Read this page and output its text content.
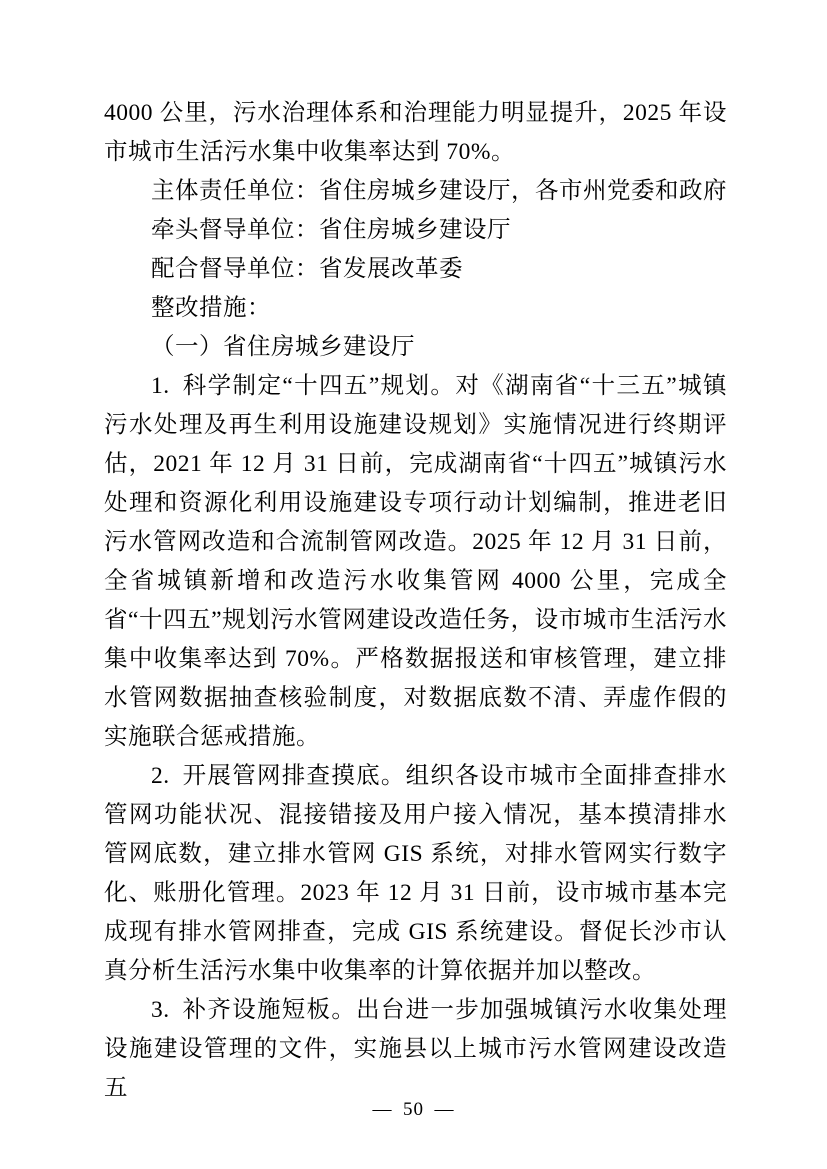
4000 公里，污水治理体系和治理能力明显提升，2025 年设市城市生活污水集中收集率达到 70%。

主体责任单位：省住房城乡建设厅，各市州党委和政府

牵头督导单位：省住房城乡建设厅

配合督导单位：省发展改革委

整改措施：

（一）省住房城乡建设厅

1. 科学制定“十四五”规划。对《湖南省“十三五”城镇污水处理及再生利用设施建设规划》实施情况进行终期评估，2021 年 12 月 31 日前，完成湖南省“十四五”城镇污水处理和资源化利用设施建设专项行动计划编制，推进老旧污水管网改造和合流制管网改造。2025 年 12 月 31 日前，全省城镇新增和改造污水收集管网 4000 公里，完成全省“十四五”规划污水管网建设改造任务，设市城市生活污水集中收集率达到 70%。严格数据报送和审核管理，建立排水管网数据抽查核验制度，对数据底数不清、弄虚作假的实施联合惩戒措施。

2. 开展管网排查摸底。组织各设市城市全面排查排水管网功能状况、混接错接及用户接入情况，基本摸清排水管网底数，建立排水管网 GIS 系统，对排水管网实行数字化、账册化管理。2023 年 12 月 31 日前，设市城市基本完成现有排水管网排查，完成 GIS 系统建设。督促长沙市认真分析生活污水集中收集率的计算依据并加以整改。

3. 补齐设施短板。出台进一步加强城镇污水收集处理设施建设管理的文件，实施县以上城市污水管网建设改造五

— 50 —
